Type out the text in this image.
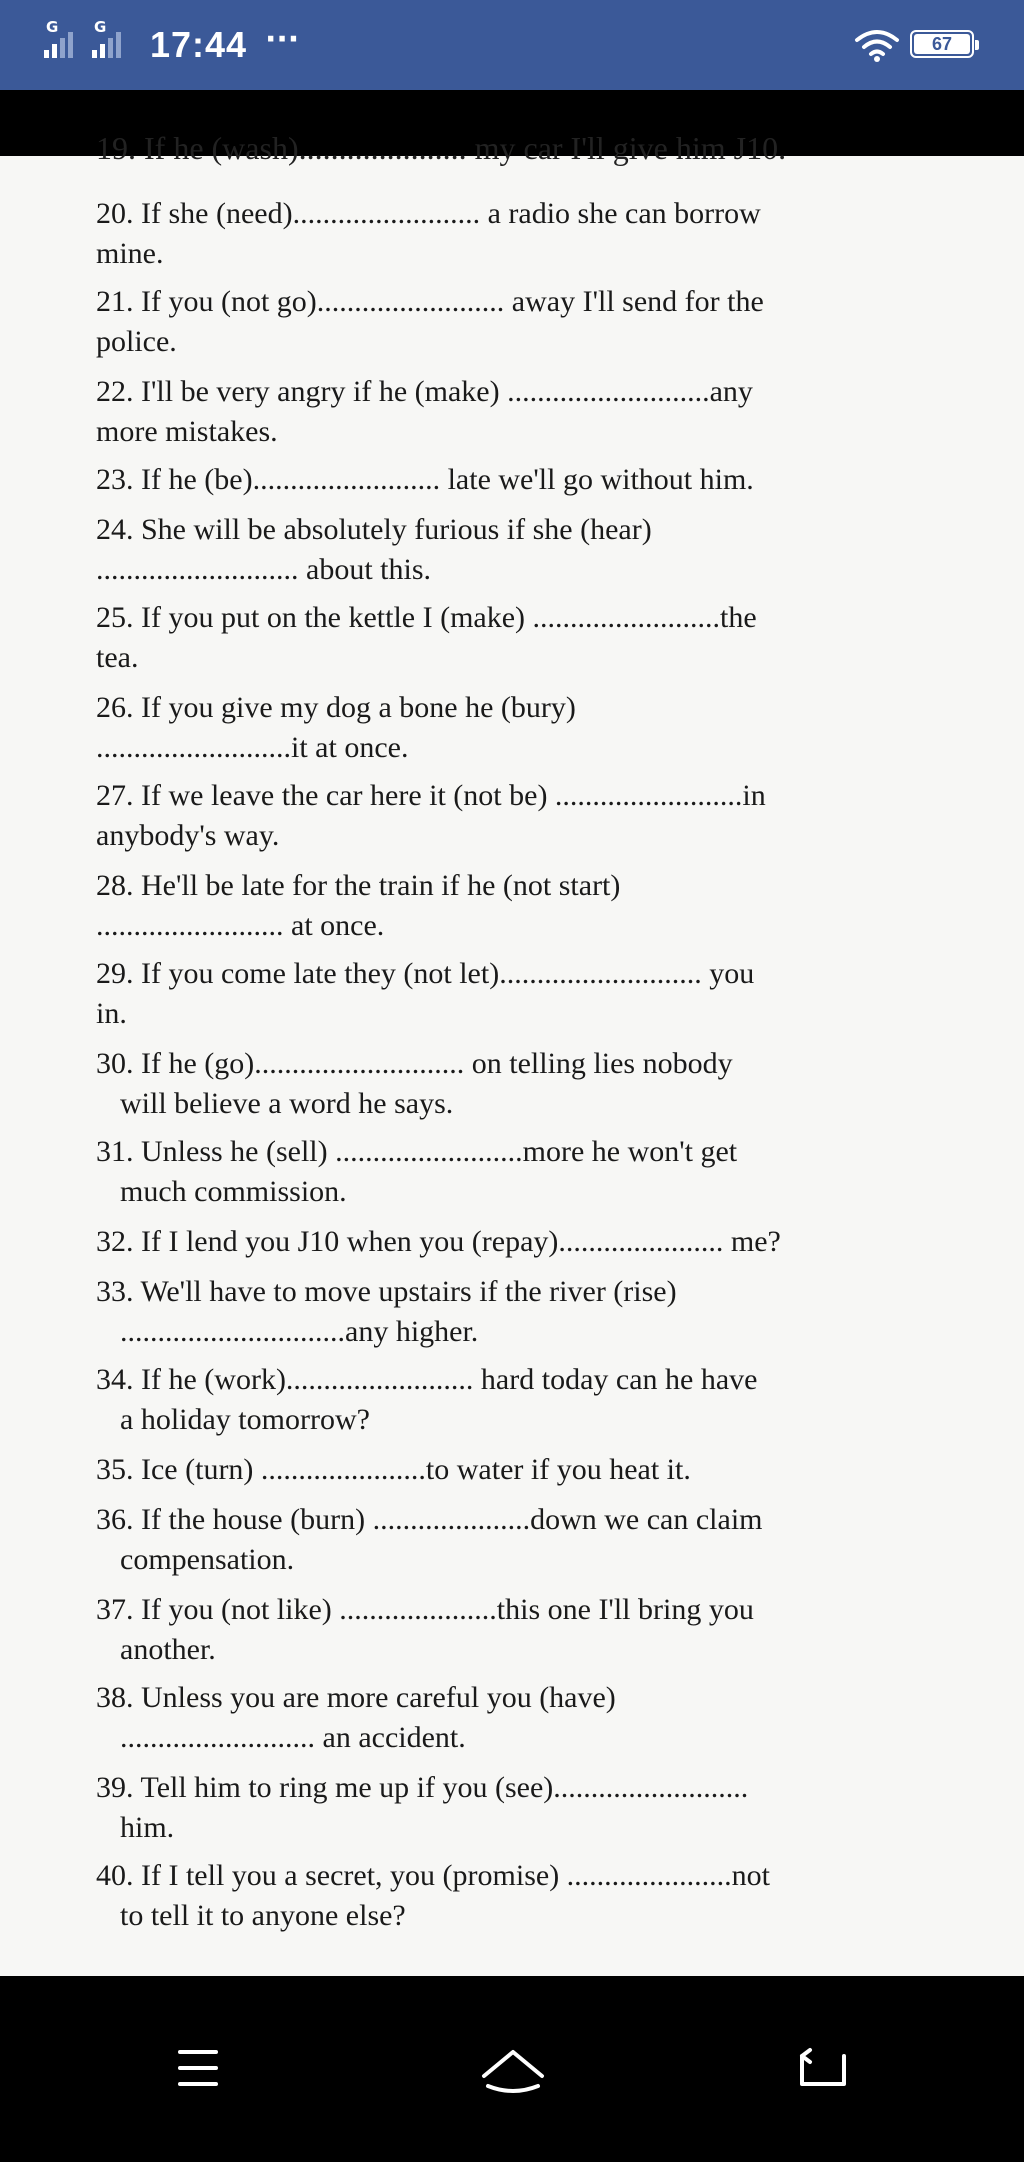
G G 17:44 ···	67
19. If he (wash)..................... my car I'll give him J10.
20. If she (need)......................... a radio she can borrow
mine.
21. If you (not go)......................... away I'll send for the
police.
22. I'll be very angry if he (make) ...........................any
more mistakes.
23. If he (be)......................... late we'll go without him.
24. She will be absolutely furious if she (hear)
........................... about this.
25. If you put on the kettle I (make) .........................the
tea.
26. If you give my dog a bone he (bury)
..........................it at once.
27. If we leave the car here it (not be) .........................in
anybody's way.
28. He'll be late for the train if he (not start)
......................... at once.
29. If you come late they (not let)........................... you
in.
30. If he (go)............................ on telling lies nobody
will believe a word he says.
31. Unless he (sell) .........................more he won't get
much commission.
32. If I lend you J10 when you (repay)...................... me?
33. We'll have to move upstairs if the river (rise)
..............................any higher.
34. If he (work)......................... hard today can he have
a holiday tomorrow?
35. Ice (turn) ......................to water if you heat it.
36. If the house (burn) .....................down we can claim
compensation.
37. If you (not like) .....................this one I'll bring you
another.
38. Unless you are more careful you (have)
.......................... an accident.
39. Tell him to ring me up if you (see)..........................
him.
40. If I tell you a secret, you (promise) ......................not
to tell it to anyone else?
